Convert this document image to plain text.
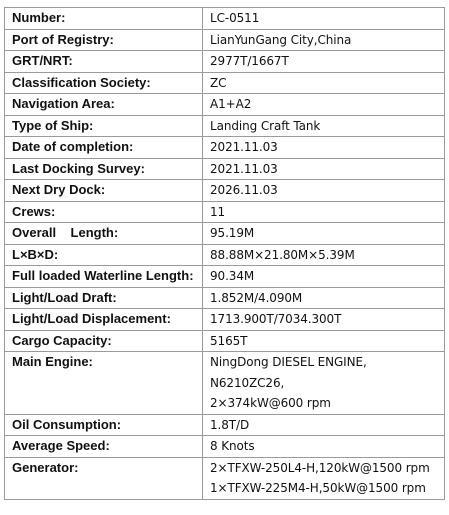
Number:	LC-0511

Port of Registry:	LianYunGang City,China

GRT/NRT:	2977T/1667T

Classification Society:	ZC

Navigation Area:	A1+A2

Type of Ship:	Landing Craft Tank

Date of completion:	2021.11.03

Last Docking Survey:	2021.11.03

Next Dry Dock:	2026.11.03

Crews:	11

Overall    Length:	95.19M

L×B×D:	88.88M×21.80M×5.39M

Full loaded Waterline Length:	90.34M

Light/Load Draft:	1.852M/4.090M

Light/Load Displacement:	1713.900T/7034.300T

Cargo Capacity:	5165T

Main Engine:	NingDong DIESEL ENGINE,
N6210ZC26,
2×374kW@600 rpm

Oil Consumption:	1.8T/D

Average Speed:	8 Knots

Generator:	2×TFXW-250L4-H,120kW@1500 rpm
1×TFXW-225M4-H,50kW@1500 rpm
